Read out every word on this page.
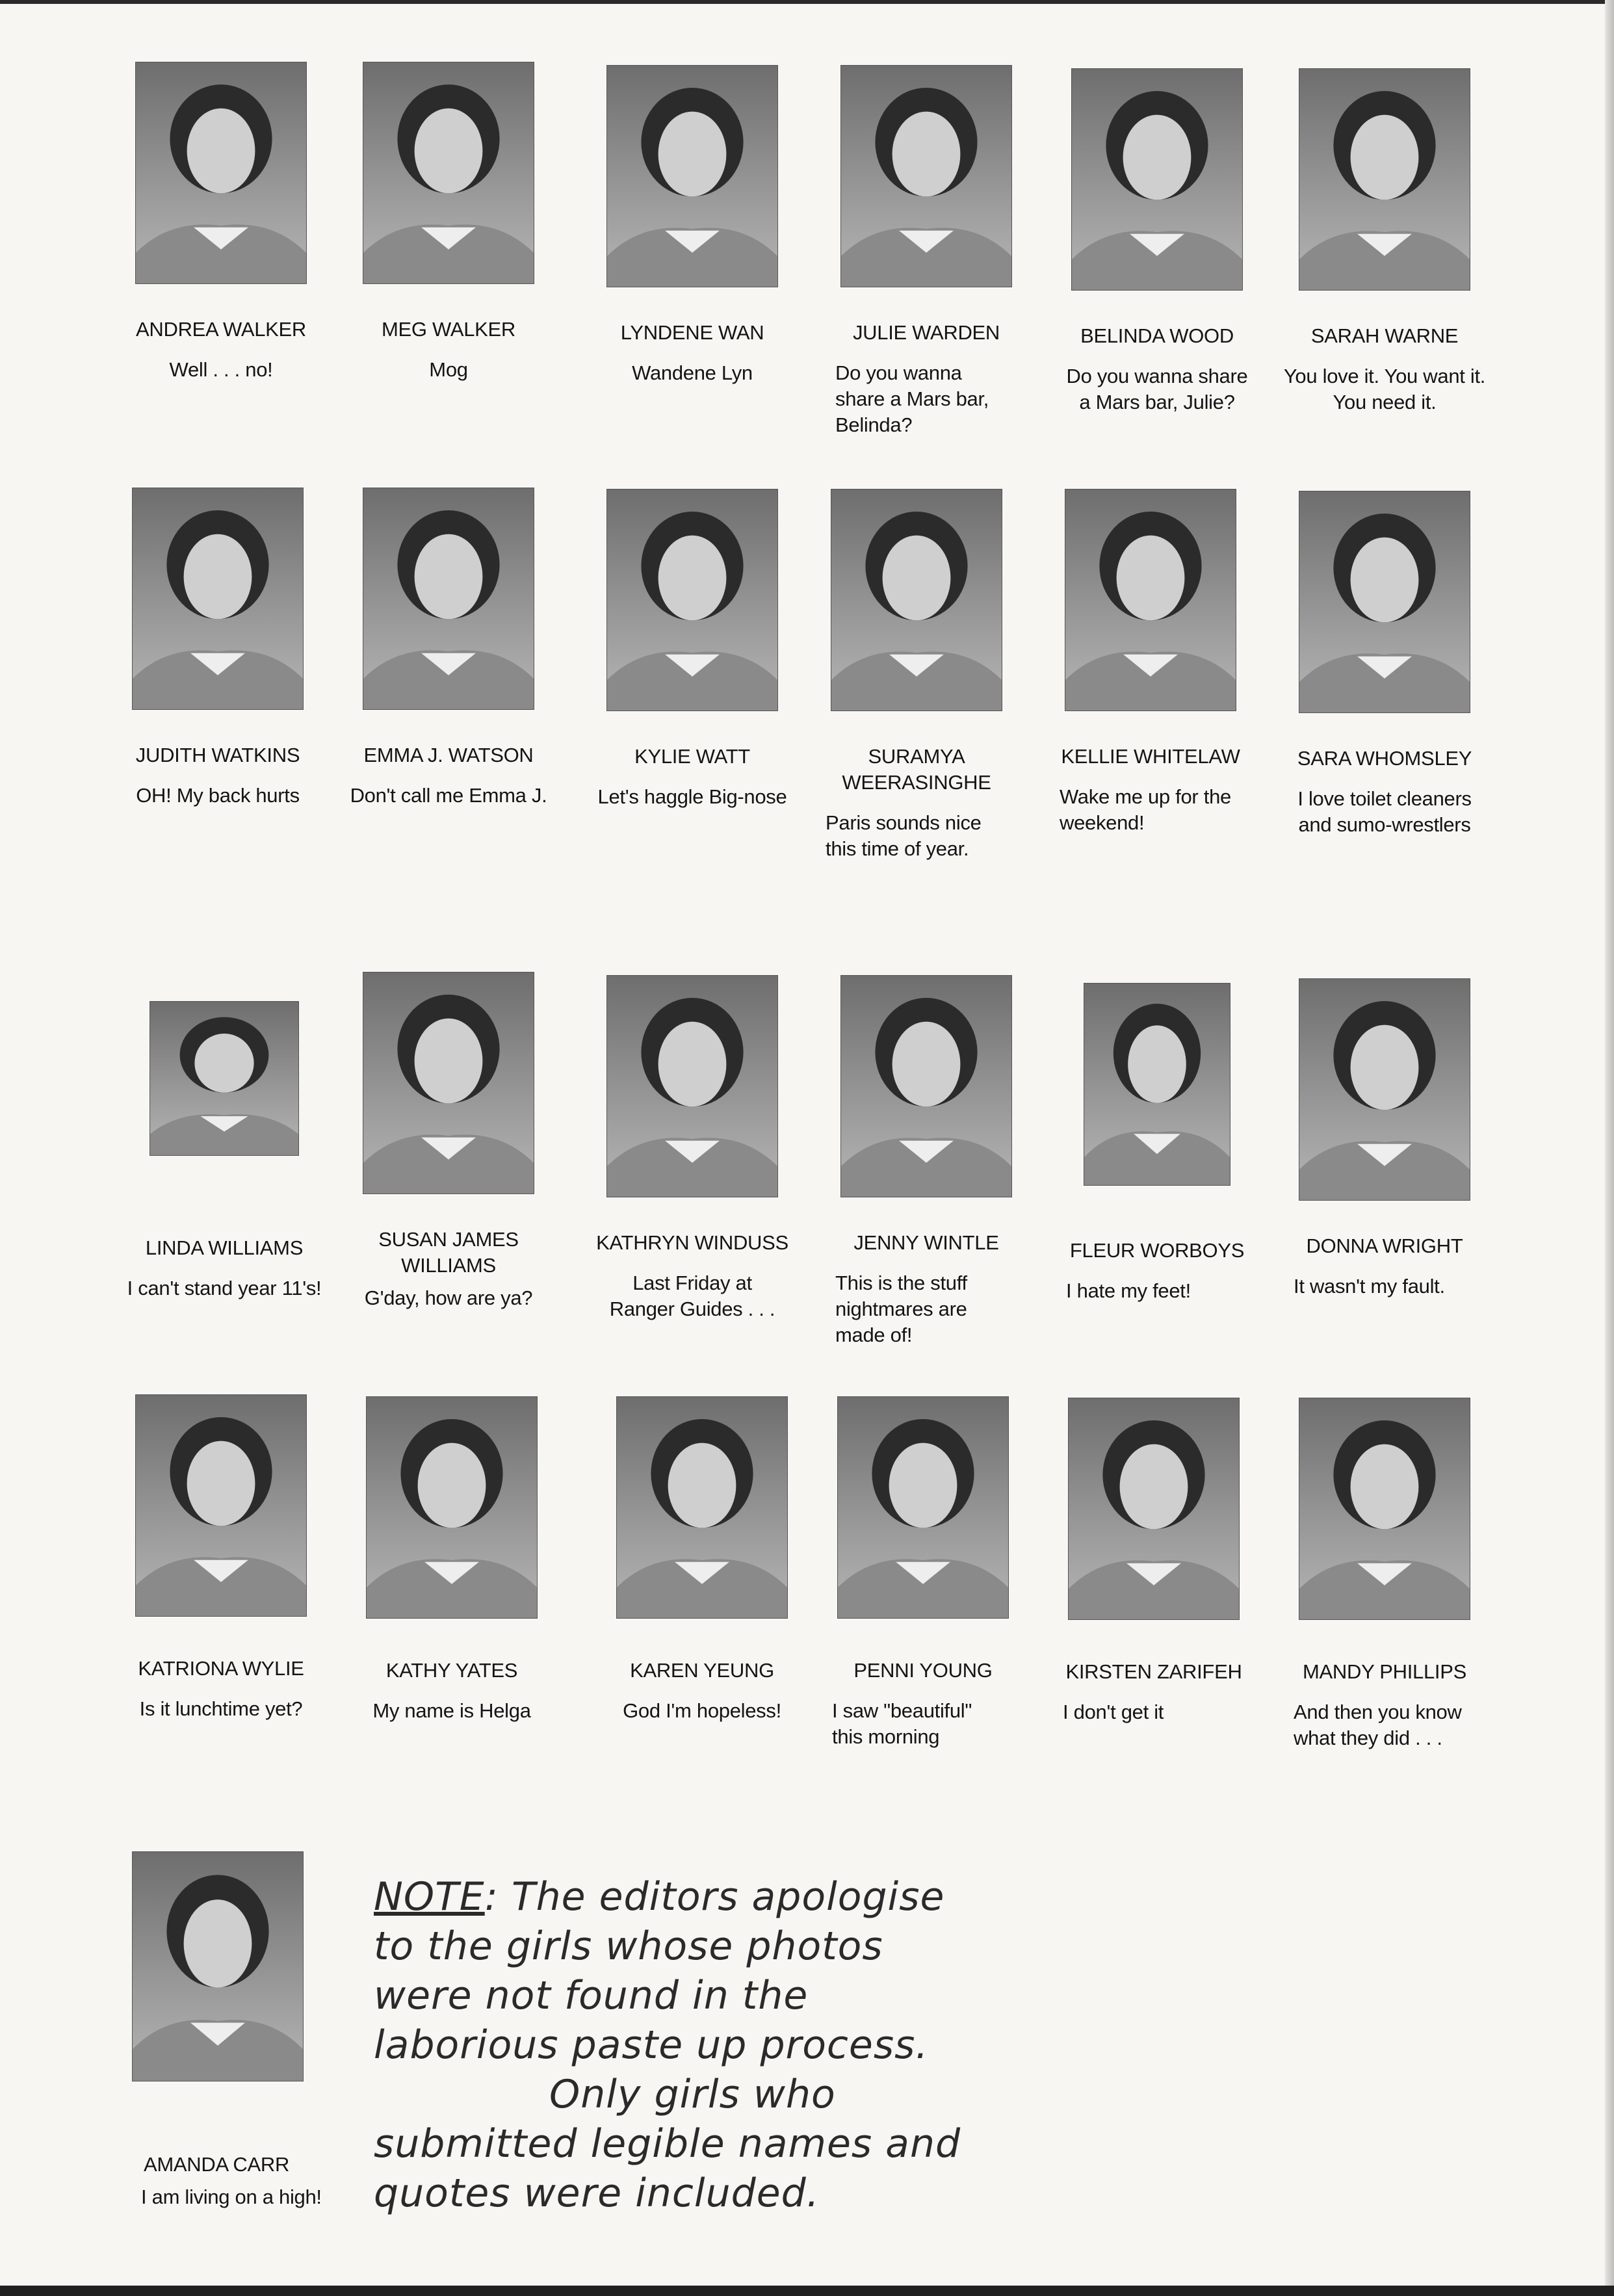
ANDREA WALKER
Well . . . no!
MEG WALKER
Mog
LYNDENE WAN
Wandene Lyn
JULIE WARDEN
Do you wanna
share a Mars bar,
Belinda?
BELINDA WOOD
Do you wanna share
a Mars bar, Julie?
SARAH WARNE
You love it. You want it.
You need it.
JUDITH WATKINS
OH! My back hurts
EMMA J. WATSON
Don't call me Emma J.
KYLIE WATT
Let's haggle Big-nose
SURAMYA WEERASINGHE
Paris sounds nice
this time of year.
KELLIE WHITELAW
Wake me up for the
weekend!
SARA WHOMSLEY
I love toilet cleaners
and sumo-wrestlers
LINDA WILLIAMS
I can't stand year 11's!
SUSAN JAMES
WILLIAMS
G'day, how are ya?
KATHRYN WINDUSS
Last Friday at
Ranger Guides . . .
JENNY WINTLE
This is the stuff
nightmares are
made of!
FLEUR WORBOYS
I hate my feet!
DONNA WRIGHT
It wasn't my fault.
KATRIONA WYLIE
Is it lunchtime yet?
KATHY YATES
My name is Helga
KAREN YEUNG
God I'm hopeless!
PENNI YOUNG
I saw "beautiful"
this morning
KIRSTEN ZARIFEH
I don't get it
MANDY PHILLIPS
And then you know
what they did . . .
AMANDA CARR
I am living on a high!
NOTE: The editors apologise
to the girls whose photos
were not found in the
laborious paste up process.
Only girls who
submitted legible names and
quotes were included.
